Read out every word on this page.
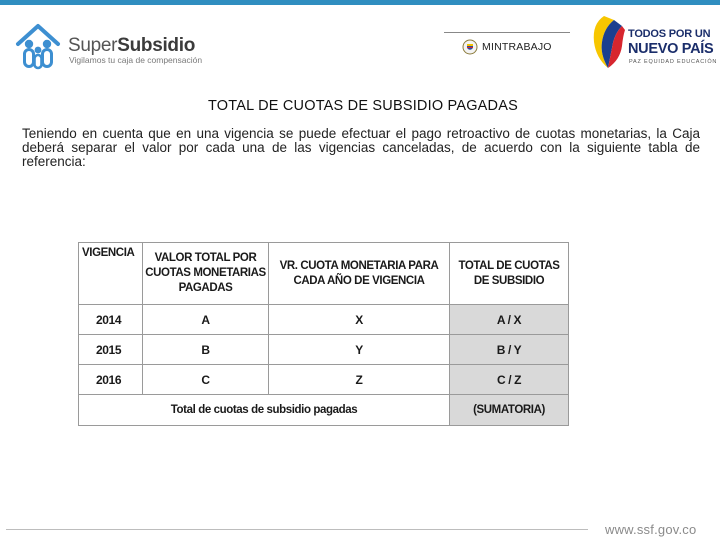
SuperSubsidio
Vigilamos tu caja de compensación
MINTRABAJO
TODOS POR UN
NUEVO PAÍS
PAZ EQUIDAD EDUCACIÓN
TOTAL DE CUOTAS DE SUBSIDIO PAGADAS
Teniendo en cuenta que en una vigencia se puede efectuar el pago retroactivo de cuotas monetarias, la Caja deberá separar el valor por cada una de las vigencias canceladas, de acuerdo con la siguiente tabla de referencia:
VIGENCIA	VALOR TOTAL POR CUOTAS MONETARIAS PAGADAS	VR. CUOTA MONETARIA PARA CADA AÑO DE VIGENCIA	TOTAL DE CUOTAS DE SUBSIDIO
2014	A	X	A / X
2015	B	Y	B / Y
2016	C	Z	C / Z
Total de cuotas de subsidio pagadas			(SUMATORIA)
www.ssf.gov.co
